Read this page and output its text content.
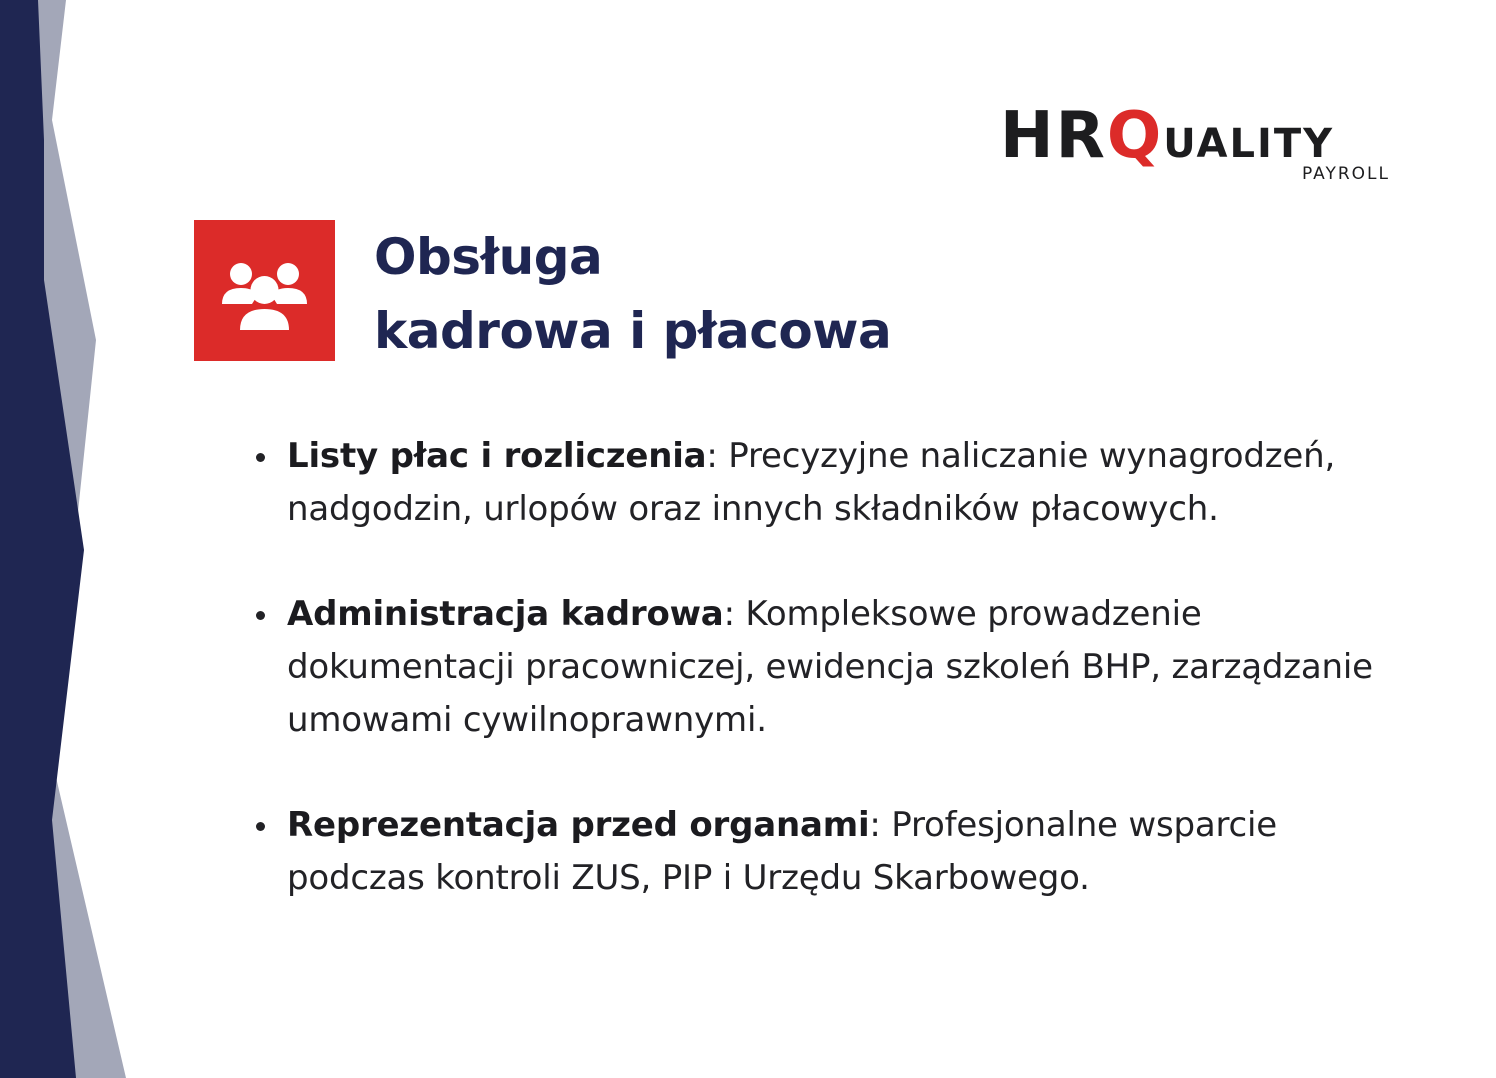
HRQUALITY
PAYROLL
Obsługa
kadrowa i płacowa
Listy płac i rozliczenia: Precyzyjne naliczanie wynagrodzeń, nadgodzin, urlopów oraz innych składników płacowych.
Administracja kadrowa: Kompleksowe prowadzenie dokumentacji pracowniczej, ewidencja szkoleń BHP, zarządzanie umowami cywilnoprawnymi.
Reprezentacja przed organami: Profesjonalne wsparcie podczas kontroli ZUS, PIP i Urzędu Skarbowego.
